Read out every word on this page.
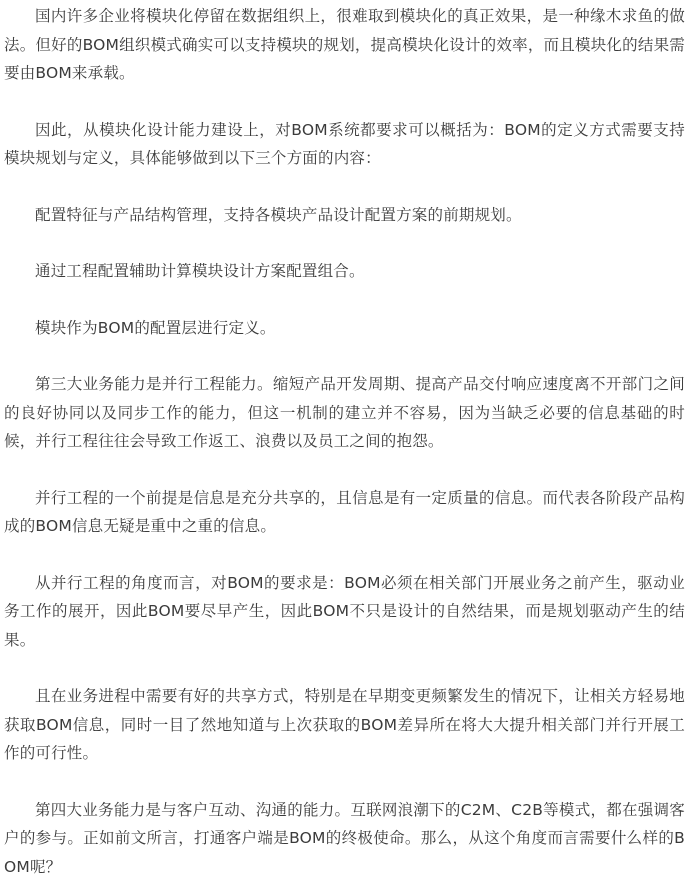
国内许多企业将模块化停留在数据组织上，很难取到模块化的真正效果，是一种缘木求鱼的做法。但好的BOM组织模式确实可以支持模块的规划，提高模块化设计的效率，而且模块化的结果需要由BOM来承载。

因此，从模块化设计能力建设上，对BOM系统都要求可以概括为：BOM的定义方式需要支持模块规划与定义，具体能够做到以下三个方面的内容：

配置特征与产品结构管理，支持各模块产品设计配置方案的前期规划。

通过工程配置辅助计算模块设计方案配置组合。

模块作为BOM的配置层进行定义。

第三大业务能力是并行工程能力。缩短产品开发周期、提高产品交付响应速度离不开部门之间的良好协同以及同步工作的能力，但这一机制的建立并不容易，因为当缺乏必要的信息基础的时候，并行工程往往会导致工作返工、浪费以及员工之间的抱怨。

并行工程的一个前提是信息是充分共享的，且信息是有一定质量的信息。而代表各阶段产品构成的BOM信息无疑是重中之重的信息。

从并行工程的角度而言，对BOM的要求是：BOM必须在相关部门开展业务之前产生，驱动业务工作的展开，因此BOM要尽早产生，因此BOM不只是设计的自然结果，而是规划驱动产生的结果。

且在业务进程中需要有好的共享方式，特别是在早期变更频繁发生的情况下，让相关方轻易地获取BOM信息，同时一目了然地知道与上次获取的BOM差异所在将大大提升相关部门并行开展工作的可行性。

第四大业务能力是与客户互动、沟通的能力。互联网浪潮下的C2M、C2B等模式，都在强调客户的参与。正如前文所言，打通客户端是BOM的终极使命。那么，从这个角度而言需要什么样的BOM呢？
